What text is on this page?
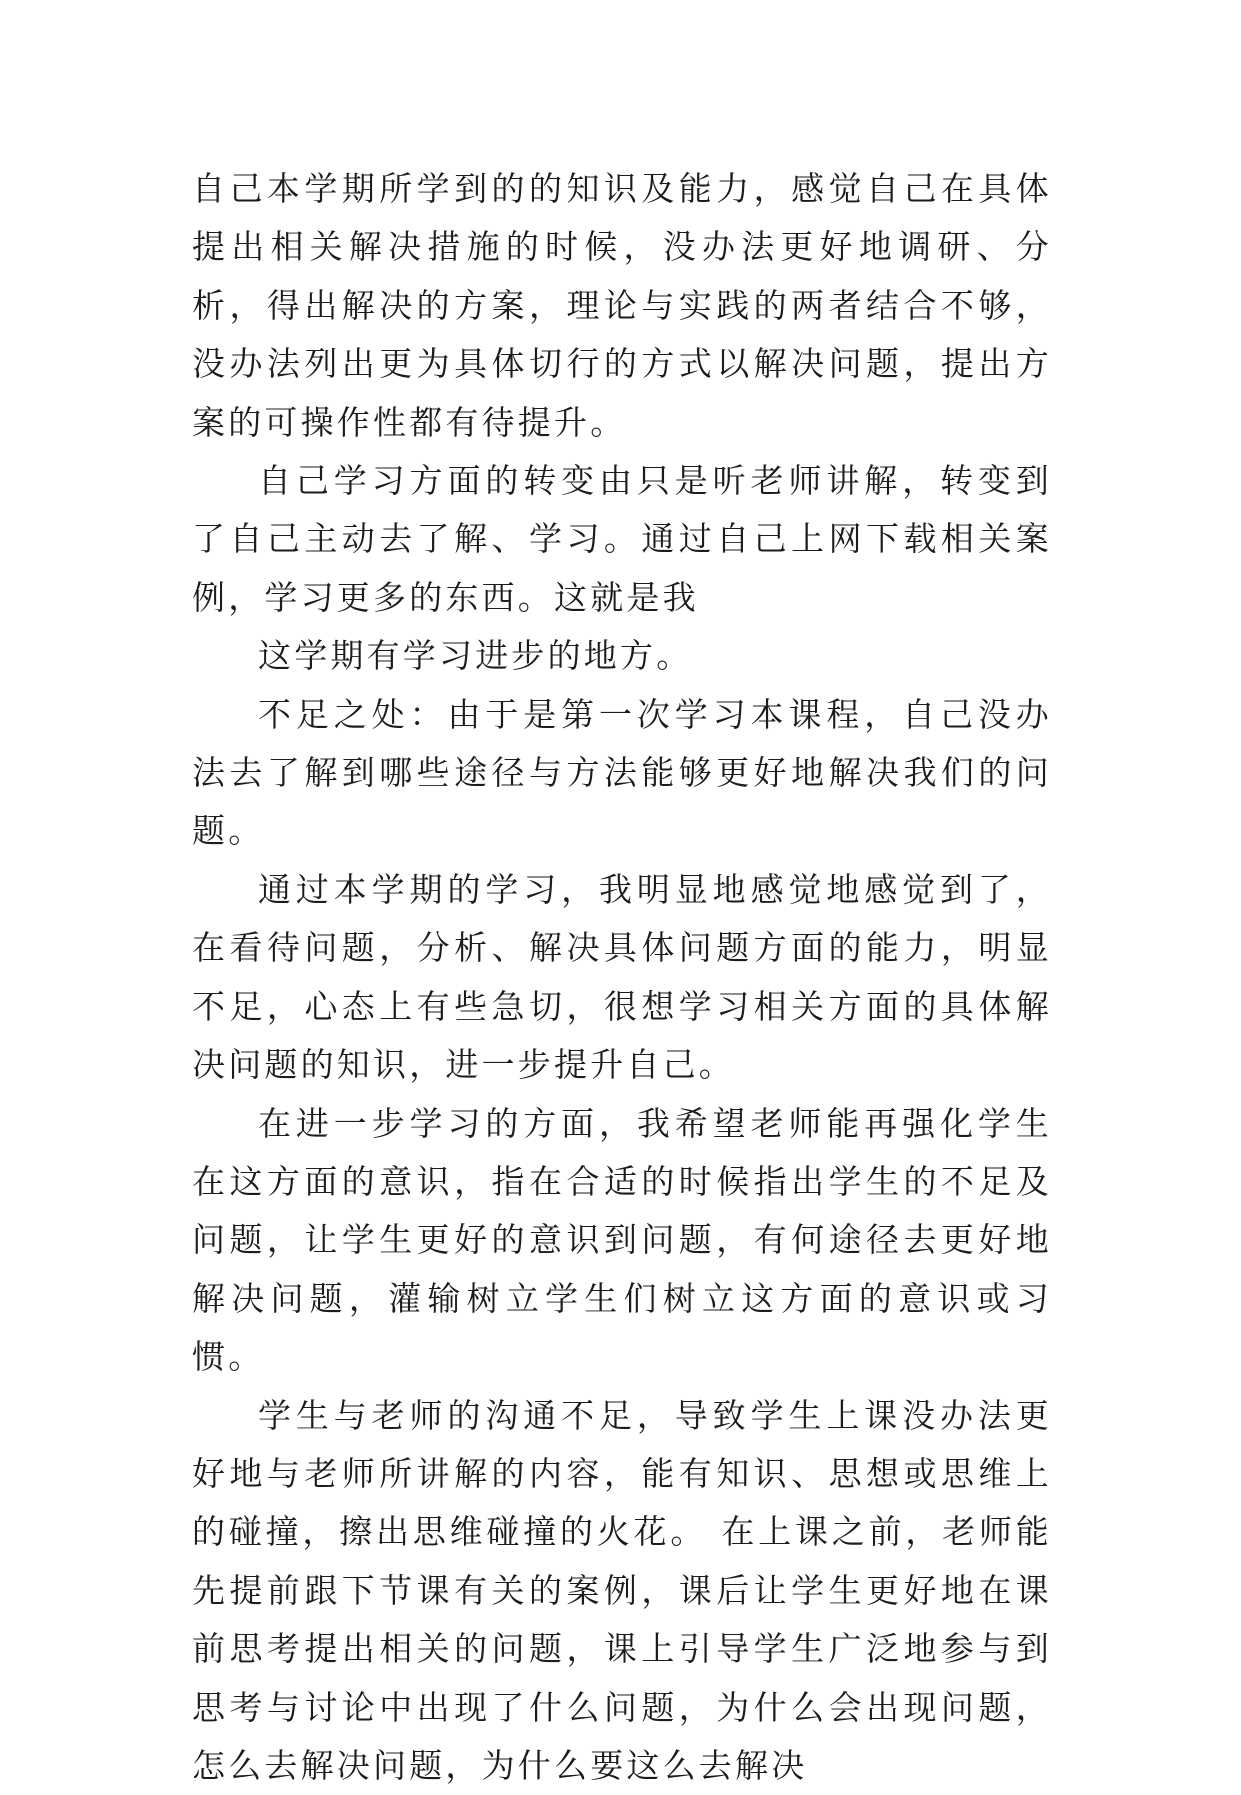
自己本学期所学到的的知识及能力，感觉自己在具体提出相关解决措施的时候，没办法更好地调研、分析，得出解决的方案，理论与实践的两者结合不够，没办法列出更为具体切行的方式以解决问题，提出方案的可操作性都有待提升。

自己学习方面的转变由只是听老师讲解，转变到了自己主动去了解、学习。通过自己上网下载相关案例，学习更多的东西。这就是我

这学期有学习进步的地方。

不足之处：由于是第一次学习本课程，自己没办法去了解到哪些途径与方法能够更好地解决我们的问题。

通过本学期的学习，我明显地感觉地感觉到了，在看待问题，分析、解决具体问题方面的能力，明显不足，心态上有些急切，很想学习相关方面的具体解决问题的知识，进一步提升自己。

在进一步学习的方面，我希望老师能再强化学生在这方面的意识，指在合适的时候指出学生的不足及问题，让学生更好的意识到问题，有何途径去更好地解决问题，灌输树立学生们树立这方面的意识或习惯。

学生与老师的沟通不足，导致学生上课没办法更好地与老师所讲解的内容，能有知识、思想或思维上的碰撞，擦出思维碰撞的火花。 在上课之前，老师能先提前跟下节课有关的案例，课后让学生更好地在课前思考提出相关的问题，课上引导学生广泛地参与到思考与讨论中出现了什么问题，为什么会出现问题，怎么去解决问题，为什么要这么去解决
